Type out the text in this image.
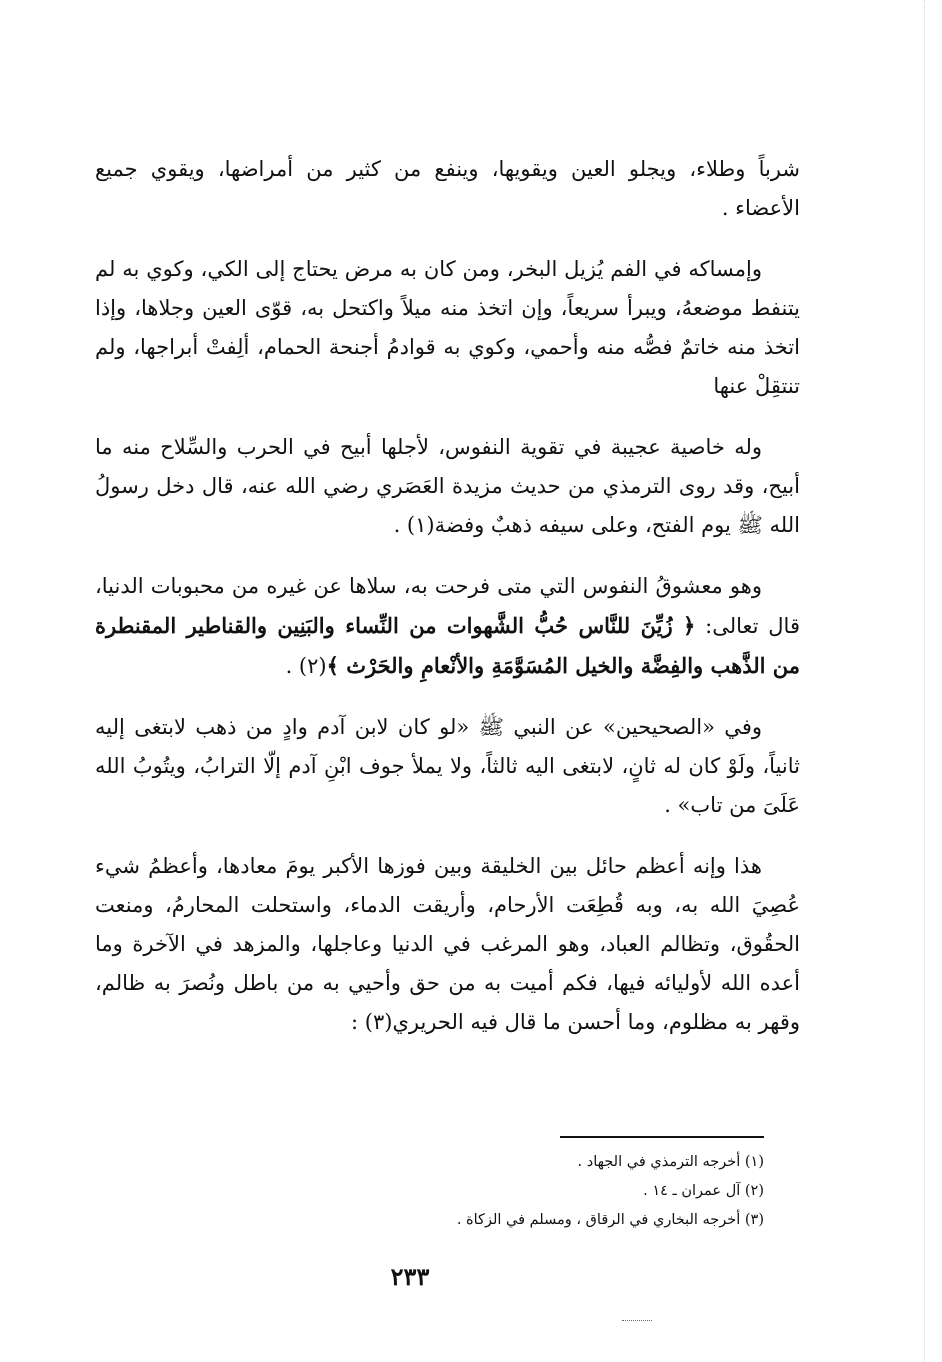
شرباً وطلاء، ويجلو العين ويقويها، وينفع من كثير من أمراضها، ويقوي جميع الأعضاء .

وإمساكه في الفم يُزيل البخر، ومن كان به مرض يحتاج إلى الكي، وكوي به لم يتنفط موضعهُ، ويبرأ سريعاً، وإن اتخذ منه ميلاً واكتحل به، قوّى العين وجلاها، وإذا اتخذ منه خاتمٌ فصُّه منه وأحمي، وكوي به قوادمُ أجنحة الحمام، ألِفتْ أبراجها، ولم تنتقِلْ عنها

وله خاصية عجيبة في تقوية النفوس، لأجلها أبيح في الحرب والسِّلاح منه ما أبيح، وقد روى الترمذي من حديث مزيدة العَصَري رضي الله عنه، قال دخل رسولُ الله ﷺ يوم الفتح، وعلى سيفه ذهبٌ وفضة(١) .

وهو معشوقُ النفوس التي متى فرحت به، سلاها عن غيره من محبوبات الدنيا، قال تعالى: ﴿ زُيِّنَ للنَّاس حُبُّ الشَّهوات من النِّساء والبَنِين والقناطير المقنطرة من الذَّهب والفِضَّة والخيل المُسَوَّمَةِ والأنْعامِ والحَرْث ﴾(٢) .

وفي «الصحيحين» عن النبي ﷺ «لو كان لابن آدم وادٍ من ذهب لابتغى إليه ثانياً، ولَوْ كان له ثانٍ، لابتغى اليه ثالثاً، ولا يملأ جوف ابْنِ آدم إلّا الترابُ، ويتُوبُ الله عَلَىَ من تاب» .

هذا وإنه أعظم حائل بين الخليقة وبين فوزها الأكبر يومَ معادها، وأعظمُ شيء عُصِيَ الله به، وبه قُطِعَت الأرحام، وأريقت الدماء، واستحلت المحارمُ، ومنعت الحقُوق، وتظالم العباد، وهو المرغب في الدنيا وعاجلها، والمزهد في الآخرة وما أعده الله لأوليائه فيها، فكم أميت به من حق وأحيي به من باطل ونُصرَ به ظالم، وقهر به مظلوم، وما أحسن ما قال فيه الحريري(٣) :

(١) أخرجه الترمذي في الجهاد .
(٢) آل عمران ـ ١٤ .
(٣) أخرجه البخاري في الرقاق ، ومسلم في الزكاة .
٢٣٣
